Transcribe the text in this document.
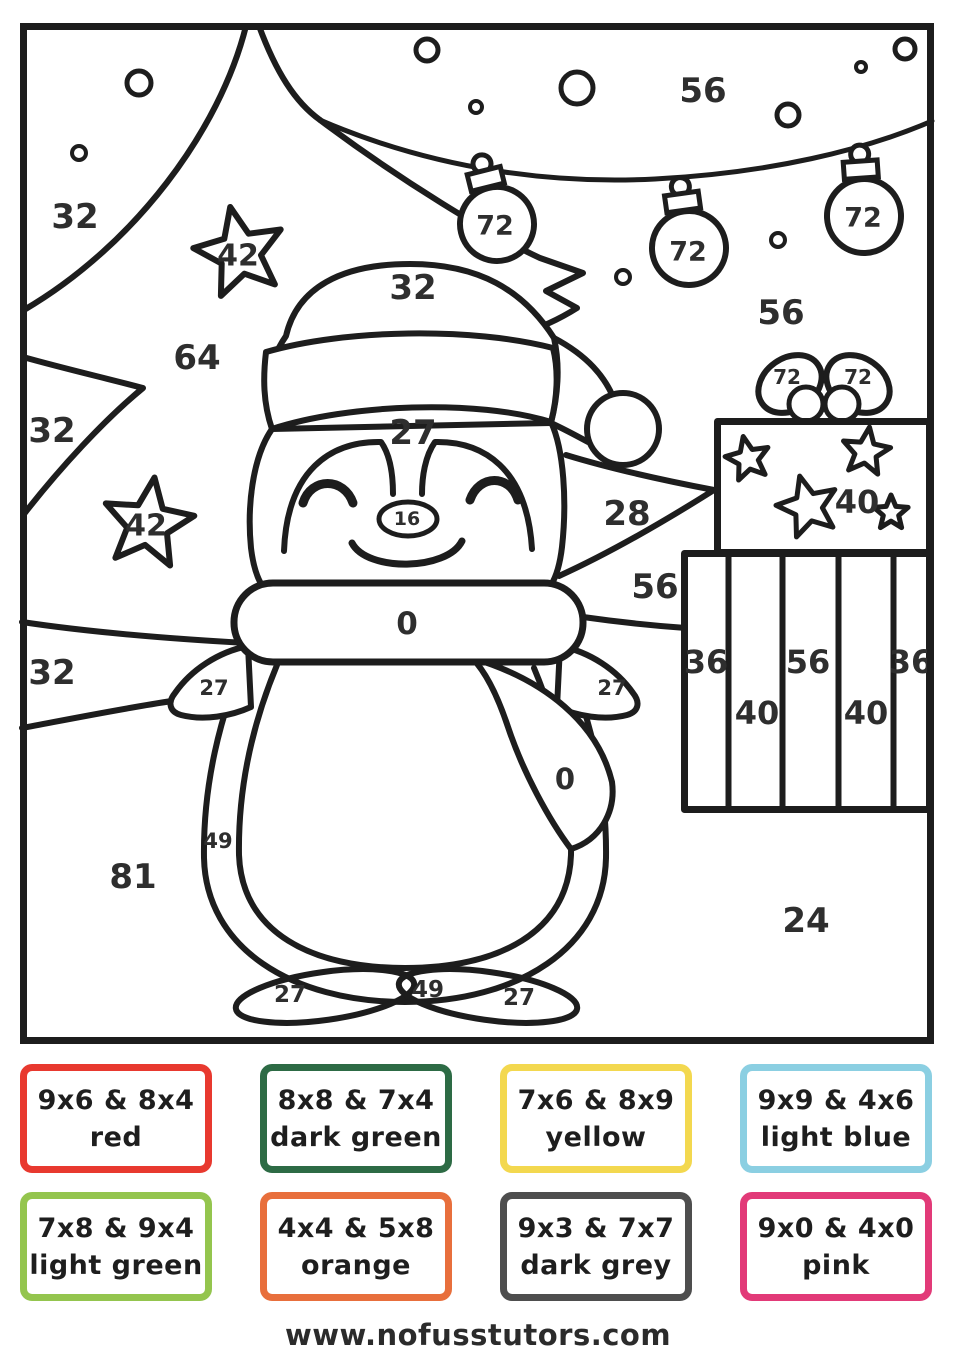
32
42
64
32
42
32
56
72
72
72
56
32
27
16	28
56
0
27	27
72 72
40
36 56 36
40 40
0
49
81
24
27	49	27
9x6 & 8x4
red
8x8 & 7x4
dark green
7x6 & 8x9
yellow
9x9 & 4x6
light blue
7x8 & 9x4
light green
4x4 & 5x8
orange
9x3 & 7x7
dark grey
9x0 & 4x0
pink
www.nofusstutors.com
